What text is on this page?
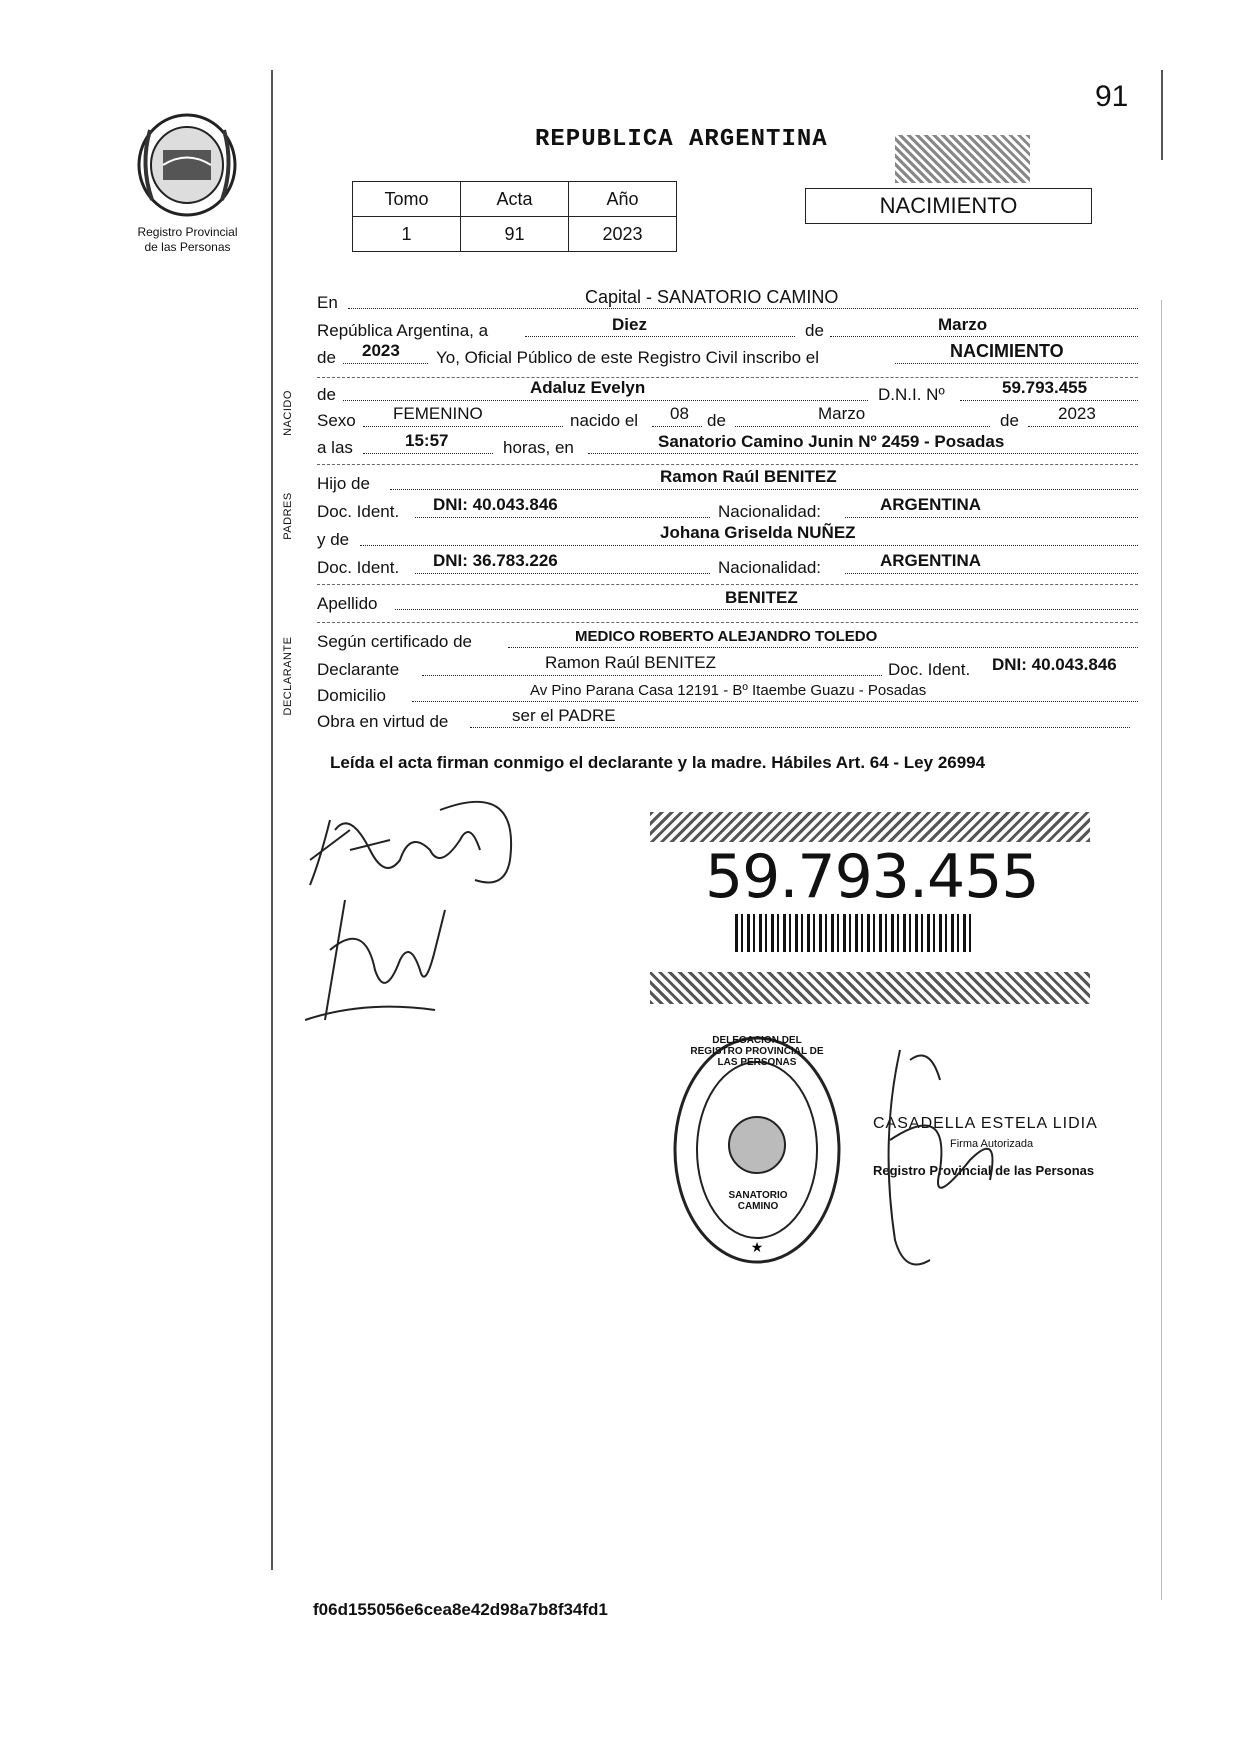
91
Registro Provincial
de las Personas
REPUBLICA ARGENTINA
Tomo	Acta	Año
1	91	2023
NACIMIENTO
NACIDO
PADRES
DECLARANTE
En	Capital - SANATORIO CAMINO
República Argentina, a	Diez	de	Marzo
de 2023 Yo, Oficial Público de este Registro Civil inscribo el	NACIMIENTO
de	Adaluz Evelyn	D.N.I. Nº	59.793.455
Sexo FEMENINO	nacido el 08 de	Marzo	de 2023
a las	15:57	horas, en	Sanatorio Camino Junin Nº 2459 - Posadas
Hijo de	Ramon Raúl BENITEZ
Doc. Ident. DNI: 40.043.846	Nacionalidad:	ARGENTINA
y de	Johana Griselda NUÑEZ
Doc. Ident. DNI: 36.783.226	Nacionalidad:	ARGENTINA
Apellido	BENITEZ
Según certificado de	MEDICO ROBERTO ALEJANDRO TOLEDO
Declarante	Ramon Raúl BENITEZ	Doc. Ident. DNI: 40.043.846
Domicilio	Av Pino Parana Casa 12191 - Bº Itaembe Guazu - Posadas
Obra en virtud de	ser el PADRE
Leída el acta firman conmigo el declarante y la madre. Hábiles Art. 64 - Ley 26994
59.793.455
★
DELEGACION DEL REGISTRO PROVINCIAL DE LAS PERSONAS
SANATORIO CAMINO
CASADELLA ESTELA LIDIA
Firma Autorizada
Registro Provincial de las Personas
f06d155056e6cea8e42d98a7b8f34fd1
